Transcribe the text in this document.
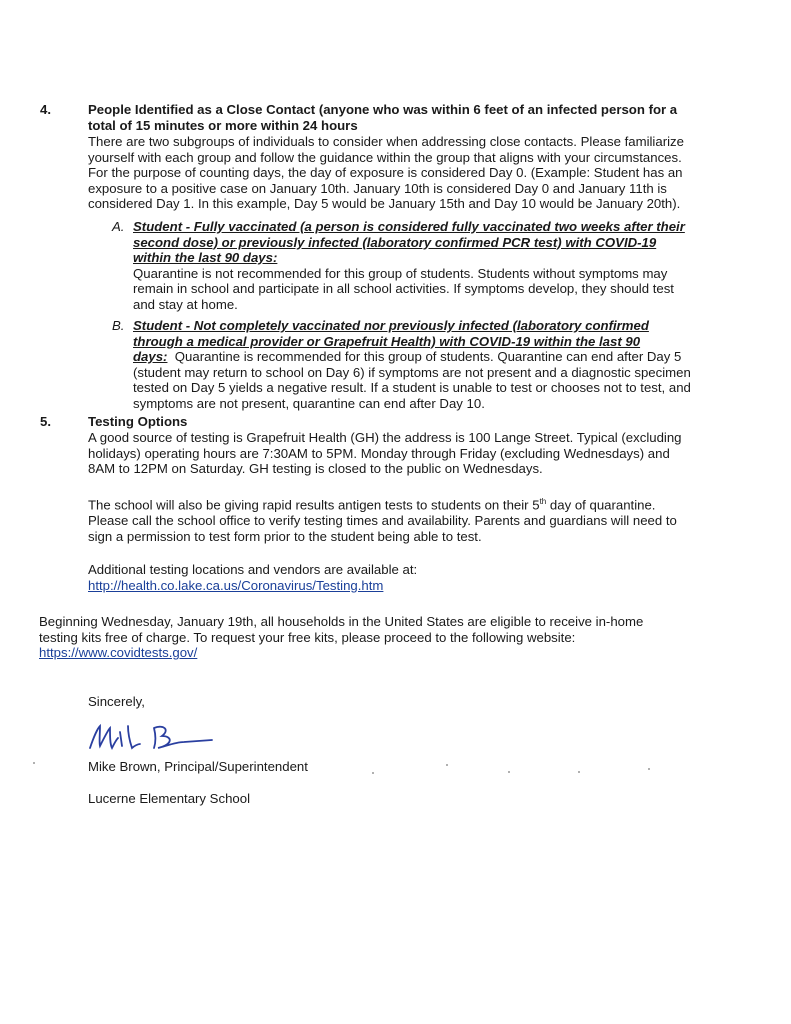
4.	People Identified as a Close Contact (anyone who was within 6 feet of an infected person for a
total of 15 minutes or more within 24 hours
There are two subgroups of individuals to consider when addressing close contacts. Please familiarize
yourself with each group and follow the guidance within the group that aligns with your circumstances.
For the purpose of counting days, the day of exposure is considered Day 0. (Example: Student has an
exposure to a positive case on January 10th. January 10th is considered Day 0 and January 11th is
considered Day 1. In this example, Day 5 would be January 15th and Day 10 would be January 20th).
A. Student - Fully vaccinated (a person is considered fully vaccinated two weeks after their
second dose) or previously infected (laboratory confirmed PCR test) with COVID-19
within the last 90 days:
Quarantine is not recommended for this group of students. Students without symptoms may
remain in school and participate in all school activities. If symptoms develop, they should test
and stay at home.
B. Student - Not completely vaccinated nor previously infected (laboratory confirmed
through a medical provider or Grapefruit Health) with COVID-19 within the last 90
days:  Quarantine is recommended for this group of students. Quarantine can end after Day 5
(student may return to school on Day 6) if symptoms are not present and a diagnostic specimen
tested on Day 5 yields a negative result. If a student is unable to test or chooses not to test, and
symptoms are not present, quarantine can end after Day 10.
5.	Testing Options
A good source of testing is Grapefruit Health (GH) the address is 100 Lange Street. Typical (excluding
holidays) operating hours are 7:30AM to 5PM. Monday through Friday (excluding Wednesdays) and
8AM to 12PM on Saturday. GH testing is closed to the public on Wednesdays.
The school will also be giving rapid results antigen tests to students on their 5th day of quarantine.
Please call the school office to verify testing times and availability. Parents and guardians will need to
sign a permission to test form prior to the student being able to test.
Additional testing locations and vendors are available at:
http://health.co.lake.ca.us/Coronavirus/Testing.htm
Beginning Wednesday, January 19th, all households in the United States are eligible to receive in-home
testing kits free of charge. To request your free kits, please proceed to the following website:
https://www.covidtests.gov/
Sincerely,
Mike Brown, Principal/Superintendent
Lucerne Elementary School
